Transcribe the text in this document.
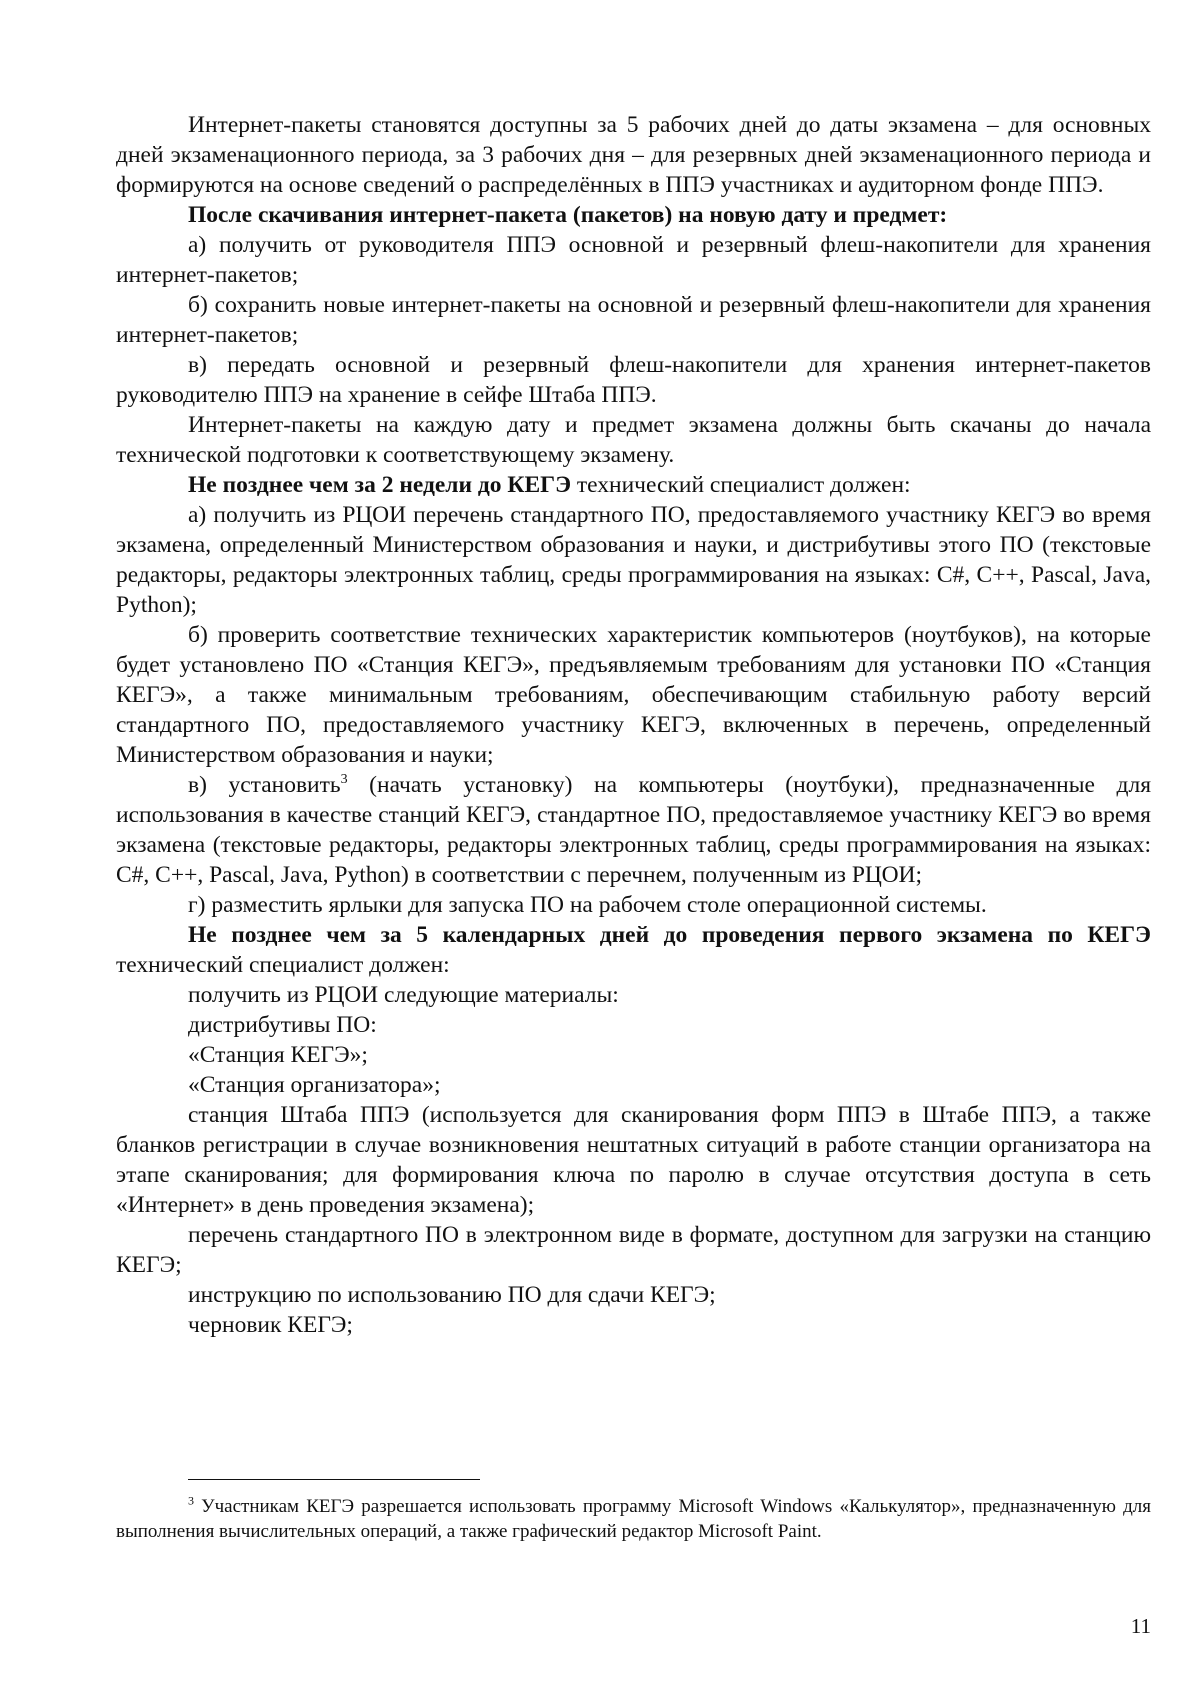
Интернет-пакеты становятся доступны за 5 рабочих дней до даты экзамена – для основных дней экзаменационного периода, за 3 рабочих дня – для резервных дней экзаменационного периода и формируются на основе сведений о распределённых в ППЭ участниках и аудиторном фонде ППЭ.

После скачивания интернет-пакета (пакетов) на новую дату и предмет:

а) получить от руководителя ППЭ основной и резервный флеш-накопители для хранения интернет-пакетов;

б) сохранить новые интернет-пакеты на основной и резервный флеш-накопители для хранения интернет-пакетов;

в) передать основной и резервный флеш-накопители для хранения интернет-пакетов руководителю ППЭ на хранение в сейфе Штаба ППЭ.

Интернет-пакеты на каждую дату и предмет экзамена должны быть скачаны до начала технической подготовки к соответствующему экзамену.

Не позднее чем за 2 недели до КЕГЭ технический специалист должен:

а) получить из РЦОИ перечень стандартного ПО, предоставляемого участнику КЕГЭ во время экзамена, определенный Министерством образования и науки, и дистрибутивы этого ПО (текстовые редакторы, редакторы электронных таблиц, среды программирования на языках: C#, C++, Pascal, Java, Python);

б) проверить соответствие технических характеристик компьютеров (ноутбуков), на которые будет установлено ПО «Станция КЕГЭ», предъявляемым требованиям для установки ПО «Станция КЕГЭ», а также минимальным требованиям, обеспечивающим стабильную работу версий стандартного ПО, предоставляемого участнику КЕГЭ, включенных в перечень, определенный Министерством образования и науки;

в) установить$^3$ (начать установку) на компьютеры (ноутбуки), предназначенные для использования в качестве станций КЕГЭ, стандартное ПО, предоставляемое участнику КЕГЭ во время экзамена (текстовые редакторы, редакторы электронных таблиц, среды программирования на языках: C#, C++, Pascal, Java, Python) в соответствии с перечнем, полученным из РЦОИ;

г) разместить ярлыки для запуска ПО на рабочем столе операционной системы.

Не позднее чем за 5 календарных дней до проведения первого экзамена по КЕГЭ технический специалист должен:

получить из РЦОИ следующие материалы:

дистрибутивы ПО:

«Станция КЕГЭ»;

«Станция организатора»;

станция Штаба ППЭ (используется для сканирования форм ППЭ в Штабе ППЭ, а также бланков регистрации в случае возникновения нештатных ситуаций в работе станции организатора на этапе сканирования; для формирования ключа по паролю в случае отсутствия доступа в сеть «Интернет» в день проведения экзамена);

перечень стандартного ПО в электронном виде в формате, доступном для загрузки на станцию КЕГЭ;

инструкцию по использованию ПО для сдачи КЕГЭ;

черновик КЕГЭ;

$^3$ Участникам КЕГЭ разрешается использовать программу Microsoft Windows «Калькулятор», предназначенную для выполнения вычислительных операций, а также графический редактор Microsoft Paint.
11
